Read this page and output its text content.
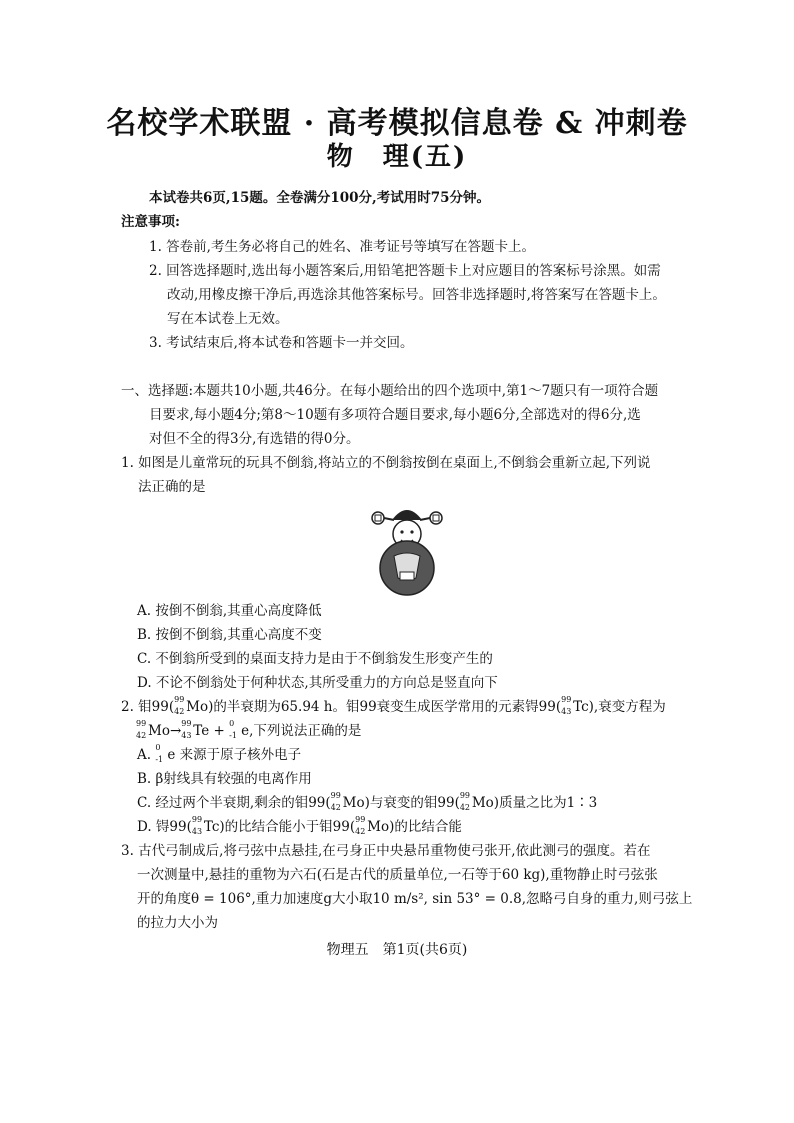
名校学术联盟 · 高考模拟信息卷 & 冲刺卷
物　理(五)
本试卷共6页,15题。全卷满分100分,考试用时75分钟。
注意事项:
1. 答卷前,考生务必将自己的姓名、准考证号等填写在答题卡上。
2. 回答选择题时,选出每小题答案后,用铅笔把答题卡上对应题目的答案标号涂黑。如需
改动,用橡皮擦干净后,再选涂其他答案标号。回答非选择题时,将答案写在答题卡上。
写在本试卷上无效。
3. 考试结束后,将本试卷和答题卡一并交回。
一、选择题:本题共10小题,共46分。在每小题给出的四个选项中,第1～7题只有一项符合题
目要求,每小题4分;第8～10题有多项符合题目要求,每小题6分,全部选对的得6分,选
对但不全的得3分,有选错的得0分。
1. 如图是儿童常玩的玩具不倒翁,将站立的不倒翁按倒在桌面上,不倒翁会重新立起,下列说
法正确的是
A. 按倒不倒翁,其重心高度降低
B. 按倒不倒翁,其重心高度不变
C. 不倒翁所受到的桌面支持力是由于不倒翁发生形变产生的
D. 不论不倒翁处于何种状态,其所受重力的方向总是竖直向下
2. 钼99( 99
42 Mo)的半衰期为65.94 h。钼99衰变生成医学常用的元素锝99( 99
43 Tc),衰变方程为
99
42 Mo→ 99
43 Te + 0
-1 e,下列说法正确的是
A. 0
-1 e 来源于原子核外电子
B. β射线具有较强的电离作用
C. 经过两个半衰期,剩余的钼99( 99
42 Mo)与衰变的钼99( 99
42 Mo)质量之比为1∶3
D. 锝99( 99
43 Tc)的比结合能小于钼99( 99
42 Mo)的比结合能
3. 古代弓制成后,将弓弦中点悬挂,在弓身正中央悬吊重物使弓张开,依此测弓的强度。若在
一次测量中,悬挂的重物为六石(石是古代的质量单位,一石等于60 kg),重物静止时弓弦张
开的角度θ = 106°,重力加速度g大小取10 m/s², sin 53° = 0.8,忽略弓自身的重力,则弓弦上
的拉力大小为
物理五　第1页(共6页)
